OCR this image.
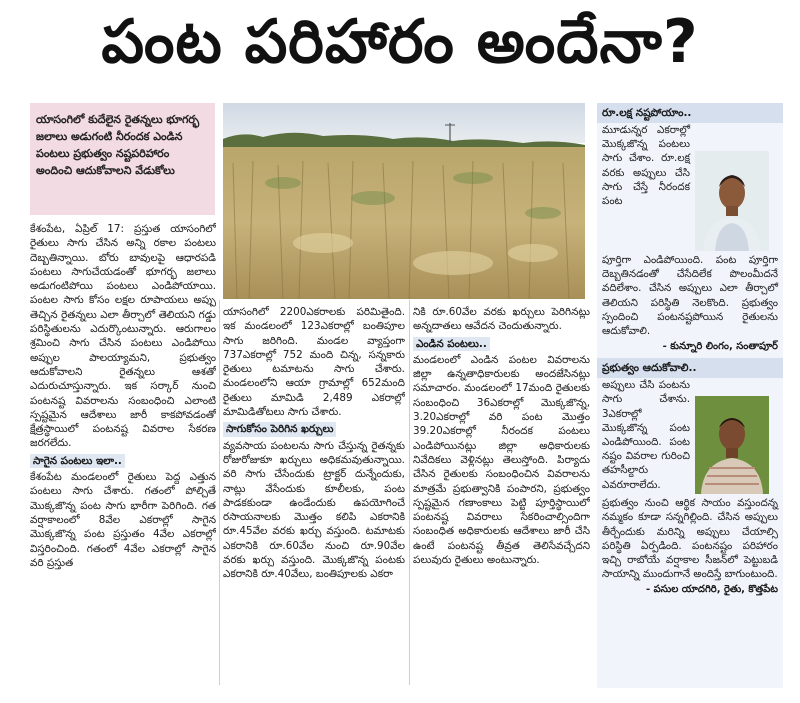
పంట పరిహారం అందేనా?
యాసంగిలో కుదేలైన రైతన్నలు భూగర్భ జలాలు అడుగంటి నీరందక ఎండిన పంటలు ప్రభుత్వం నష్టపరిహారం అందించి ఆదుకోవాలని వేడుకోలు

కేశంపేట, ఏప్రిల్ 17: ప్రస్తుత యాసంగిలో రైతులు సాగు చేసిన అన్ని రకాల పంటలు దెబ్బతిన్నాయి. బోరు బావులపై ఆధారపడి పంటలు సాగుచేయడంతో భూగర్భ జలాలు అడుగంటిపోయి పంటలు ఎండిపోయాయి. పంటల సాగు కోసం లక్షల రూపాయలు అప్పు తెచ్చిన రైతన్నలు ఎలా తీర్చాలో తెలియని గడ్డు పరిస్థితులను ఎదుర్కొంటున్నారు. ఆరుగాలం శ్రమించి సాగు చేసిన పంటలు ఎండిపోయి అప్పుల పాలయ్యామని, ప్రభుత్వం ఆదుకోవాలని రైతన్నలు ఆశతో ఎదురుచూస్తున్నారు. ఇక సర్కార్ నుంచి పంటనష్ట వివరాలను సంబంధించి ఎలాంటి స్పష్టమైన ఆదేశాలు జారీ కాకపోవడంతో క్షేత్రస్థాయిలో పంటనష్ట వివరాల సేకరణ జరగలేదు.

సాగైన పంటలు ఇలా..

కేశంపేట మండలంలో రైతులు పెద్ద ఎత్తున పంటలు సాగు చేశారు. గతంలో పోల్చితే మొక్కజొన్న పంట సాగు భారీగా పెరిగింది. గత వర్షాకాలంలో 8వేల ఎకరాల్లో సాగైన మొక్కజొన్న పంట ప్రస్తుతం 4వేల ఎకరాల్లో విస్తరించింది. గతంలో 4వేల ఎకరాల్లో సాగైన వరి ప్రస్తుత

యాసంగిలో 2200ఎకరాలకు పరిమితైంది. ఇక మండలంలో 123ఎకరాల్లో బంతిపూల సాగు జరిగింది. మండల వ్యాప్తంగా 737ఎకరాల్లో 752 మంది చిన్న, సన్నకారు రైతులు టమాటను సాగు చేశారు. మండలంలోని ఆయా గ్రామాల్లో 652మంది రైతులు మామిడి 2,489 ఎకరాల్లో మామిడితోటలు సాగు చేశారు.

సాగుకోసం పెరిగిన ఖర్చులు

వ్యవసాయ పంటలను సాగు చేస్తున్న రైతన్నకు రోజురోజుకూ ఖర్చులు అధికమవుతున్నాయి. వరి సాగు చేసేందుకు ట్రాక్టర్ దున్నేందుకు, నాట్లు వేసేందుకు కూలీలకు, పంట పాడకకుండా ఉండేందుకు ఉపయోగించే రసాయనాలకు మొత్తం కలిపి ఎకరానికి రూ.45వేల వరకు ఖర్చు వస్తుంది. టమాటకు ఎకరానికి రూ.60వేల నుంచి రూ.90వేల వరకు ఖర్చు వస్తుంది. మొక్కజొన్న పంటకు ఎకరానికి రూ.40వేలు, బంతిపూలకు ఎకరా

నికి రూ.60వేల వరకు ఖర్చులు పెరిగినట్లు అన్నదాతలు ఆవేదన చెందుతున్నారు.

ఎండిన పంటలు..

మండలంలో ఎండిన పంటల వివరాలను జిల్లా ఉన్నతాధికారులకు అందజేసినట్లు సమాచారం. మండలంలో 17మంది రైతులకు సంబంధించి 36ఎకరాల్లో మొక్కజొన్న, 3.20ఎకరాల్లో వరి పంట మొత్తం 39.20ఎకరాల్లో నీరందక పంటలు ఎండిపోయినట్లు జిల్లా అధికారులకు నివేదికలు వెళ్లినట్లు తెలుస్తోంది. పిర్యాదు చేసిన రైతులకు సంబంధించిన వివరాలను మాత్రమే ప్రభుత్వానికి పంపారని, ప్రభుత్వం స్పష్టమైన గణాంకాలు పెట్టి పూర్తిస్థాయిలో పంటనష్ట వివరాలు సేకరించాల్సిందిగా సంబంధిత అధికారులకు ఆదేశాలు జారీ చేసి ఉంటే పంటనష్ట తీవ్రత తెలిసేవచ్చేదని పలువురు రైతులు అంటున్నారు.

రూ.లక్ష నష్టపోయాం..
మూడున్నర ఎకరాల్లో మొక్కజొన్న పంటలు సాగు చేశాం. రూ.లక్ష వరకు అప్పులు చేసి సాగు చేస్తే నీరందక పంట
పూర్తిగా ఎండిపోయింది. పంట పూర్తిగా దెబ్బతినడంతో చేసేదిలేక పొలంమీదనే వదిలేశాం. చేసిన అప్పులు ఎలా తీర్చాలో తెలియని పరిస్థితి నెలకొంది. ప్రభుత్వం స్పందించి పంటనష్టపోయిన రైతులను ఆదుకోవాలి.
- కున్నూరి లింగం, సంతాపూర్
ప్రభుత్వం ఆదుకోవాలి..
అప్పులు చేసి పంటను సాగు చేశాను. 3ఎకరాల్లో మొక్కజొన్న పంట ఎండిపోయింది. పంట నష్టం వివరాల గురించి తహసీల్దారు ఎవరూరాలేదు.
ప్రభుత్వం నుంచి ఆర్థిక సాయం వస్తుందన్న నమ్మకం కూడా సన్నగిల్లింది. చేసిన అప్పులు తీర్చేందుకు మరిన్ని అప్పులు చేయాల్సి పరిస్థితి ఏర్పడింది. పంటనష్టం పరిహారం ఇచ్చి రాబోయే వర్షాకాల సీజన్‌లో పెట్టుబడి సాయాన్ని ముందుగానే అందిస్తే బాగుంటుంది.
- పసుల యాదగిరి, రైతు, కొత్తపేట
